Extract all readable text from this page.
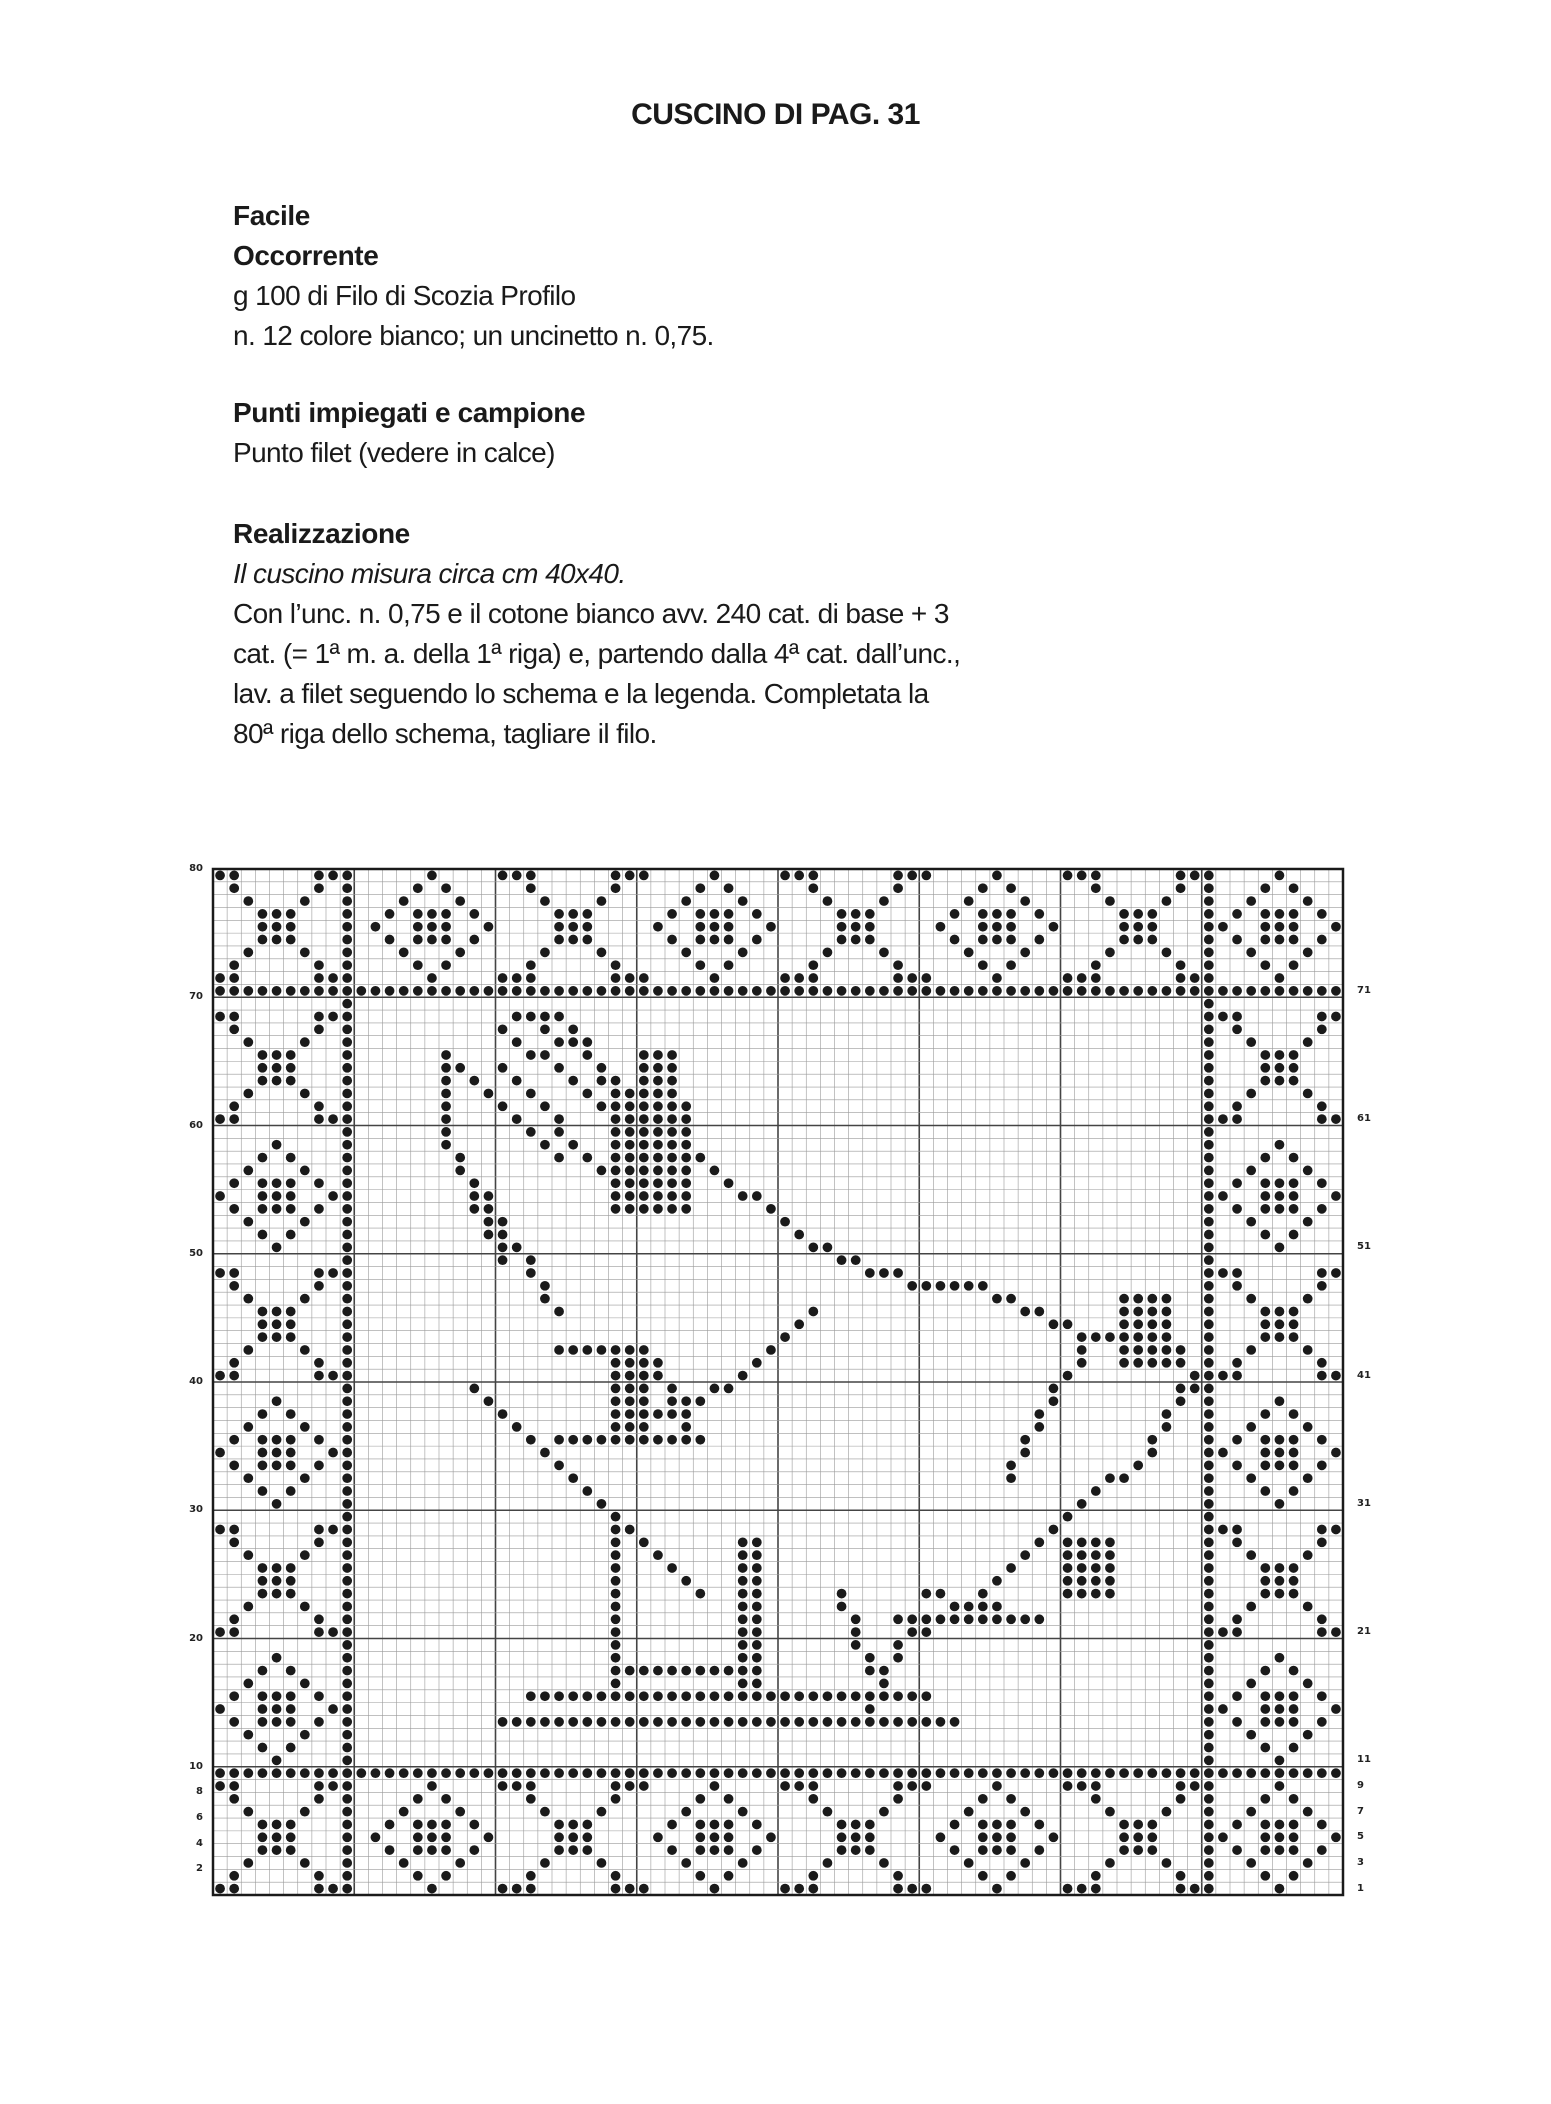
CUSCINO DI PAG. 31
Facile
Occorrente
g 100 di Filo di Scozia Profilo
n. 12 colore bianco; un uncinetto n. 0,75.
Punti impiegati e campione
Punto filet (vedere in calce)
Realizzazione
Il cuscino misura circa cm 40x40.
Con l’unc. n. 0,75 e il cotone bianco avv. 240 cat. di base + 3
cat. (= 1ª m. a. della 1ª riga) e, partendo dalla 4ª cat. dall’unc.,
lav. a filet seguendo lo schema e la legenda. Completata la
80ª riga dello schema, tagliare il filo.
80
70
60
50
40
30
20
10
8
6
4
2
71
61
51
41
31
21
11
9
7
5
3
1
